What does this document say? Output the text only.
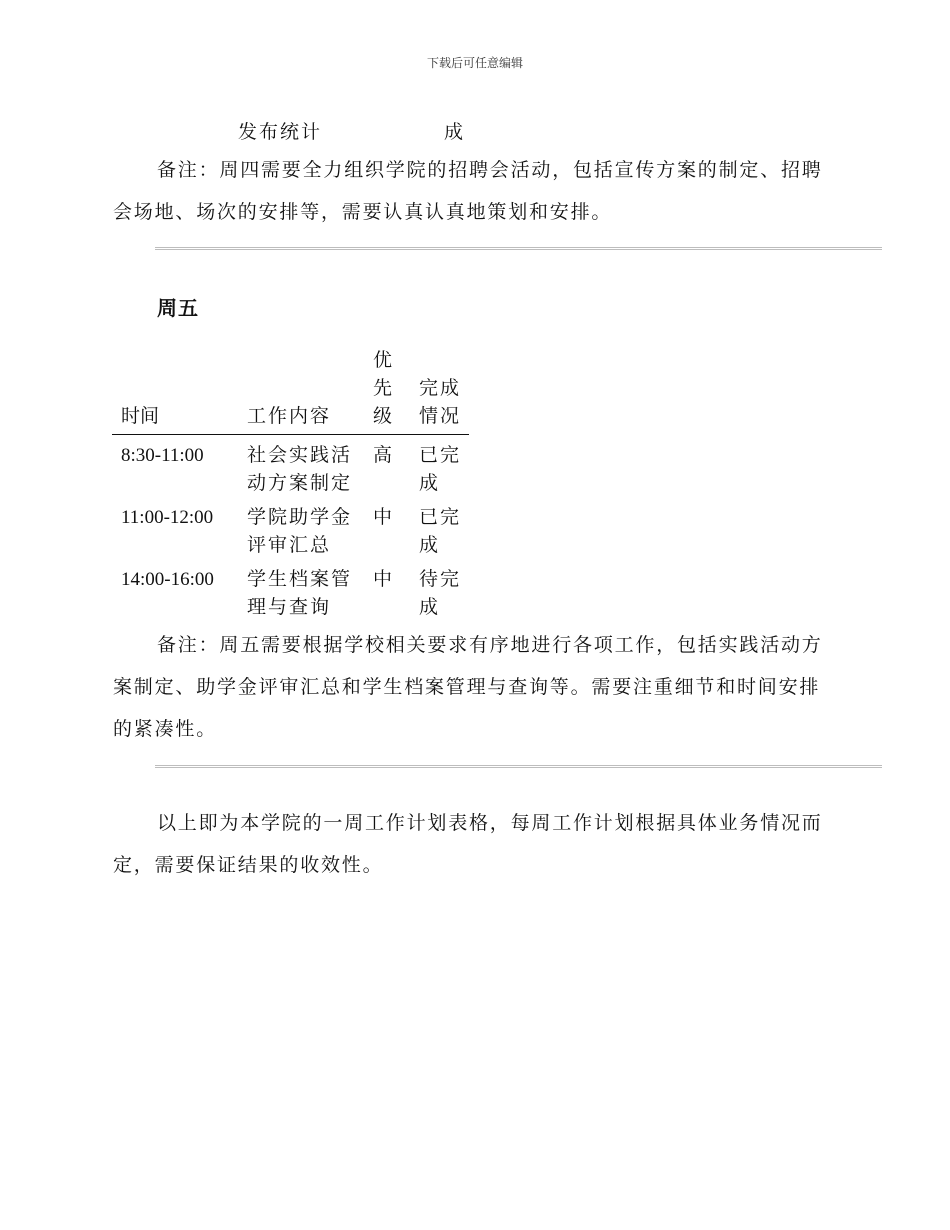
下载后可任意编辑
发布统计	成

备注：周四需要全力组织学院的招聘会活动，包括宣传方案的制定、招聘会场地、场次的安排等，需要认真认真地策划和安排。

周五
时间	工作内容	优先级	完成情况
8:30-11:00	社会实践活动方案制定	高	已完成
11:00-12:00	学院助学金评审汇总	中	已完成
14:00-16:00	学生档案管理与查询	中	待完成

备注：周五需要根据学校相关要求有序地进行各项工作，包括实践活动方案制定、助学金评审汇总和学生档案管理与查询等。需要注重细节和时间安排的紧凑性。

以上即为本学院的一周工作计划表格，每周工作计划根据具体业务情况而定，需要保证结果的收效性。
